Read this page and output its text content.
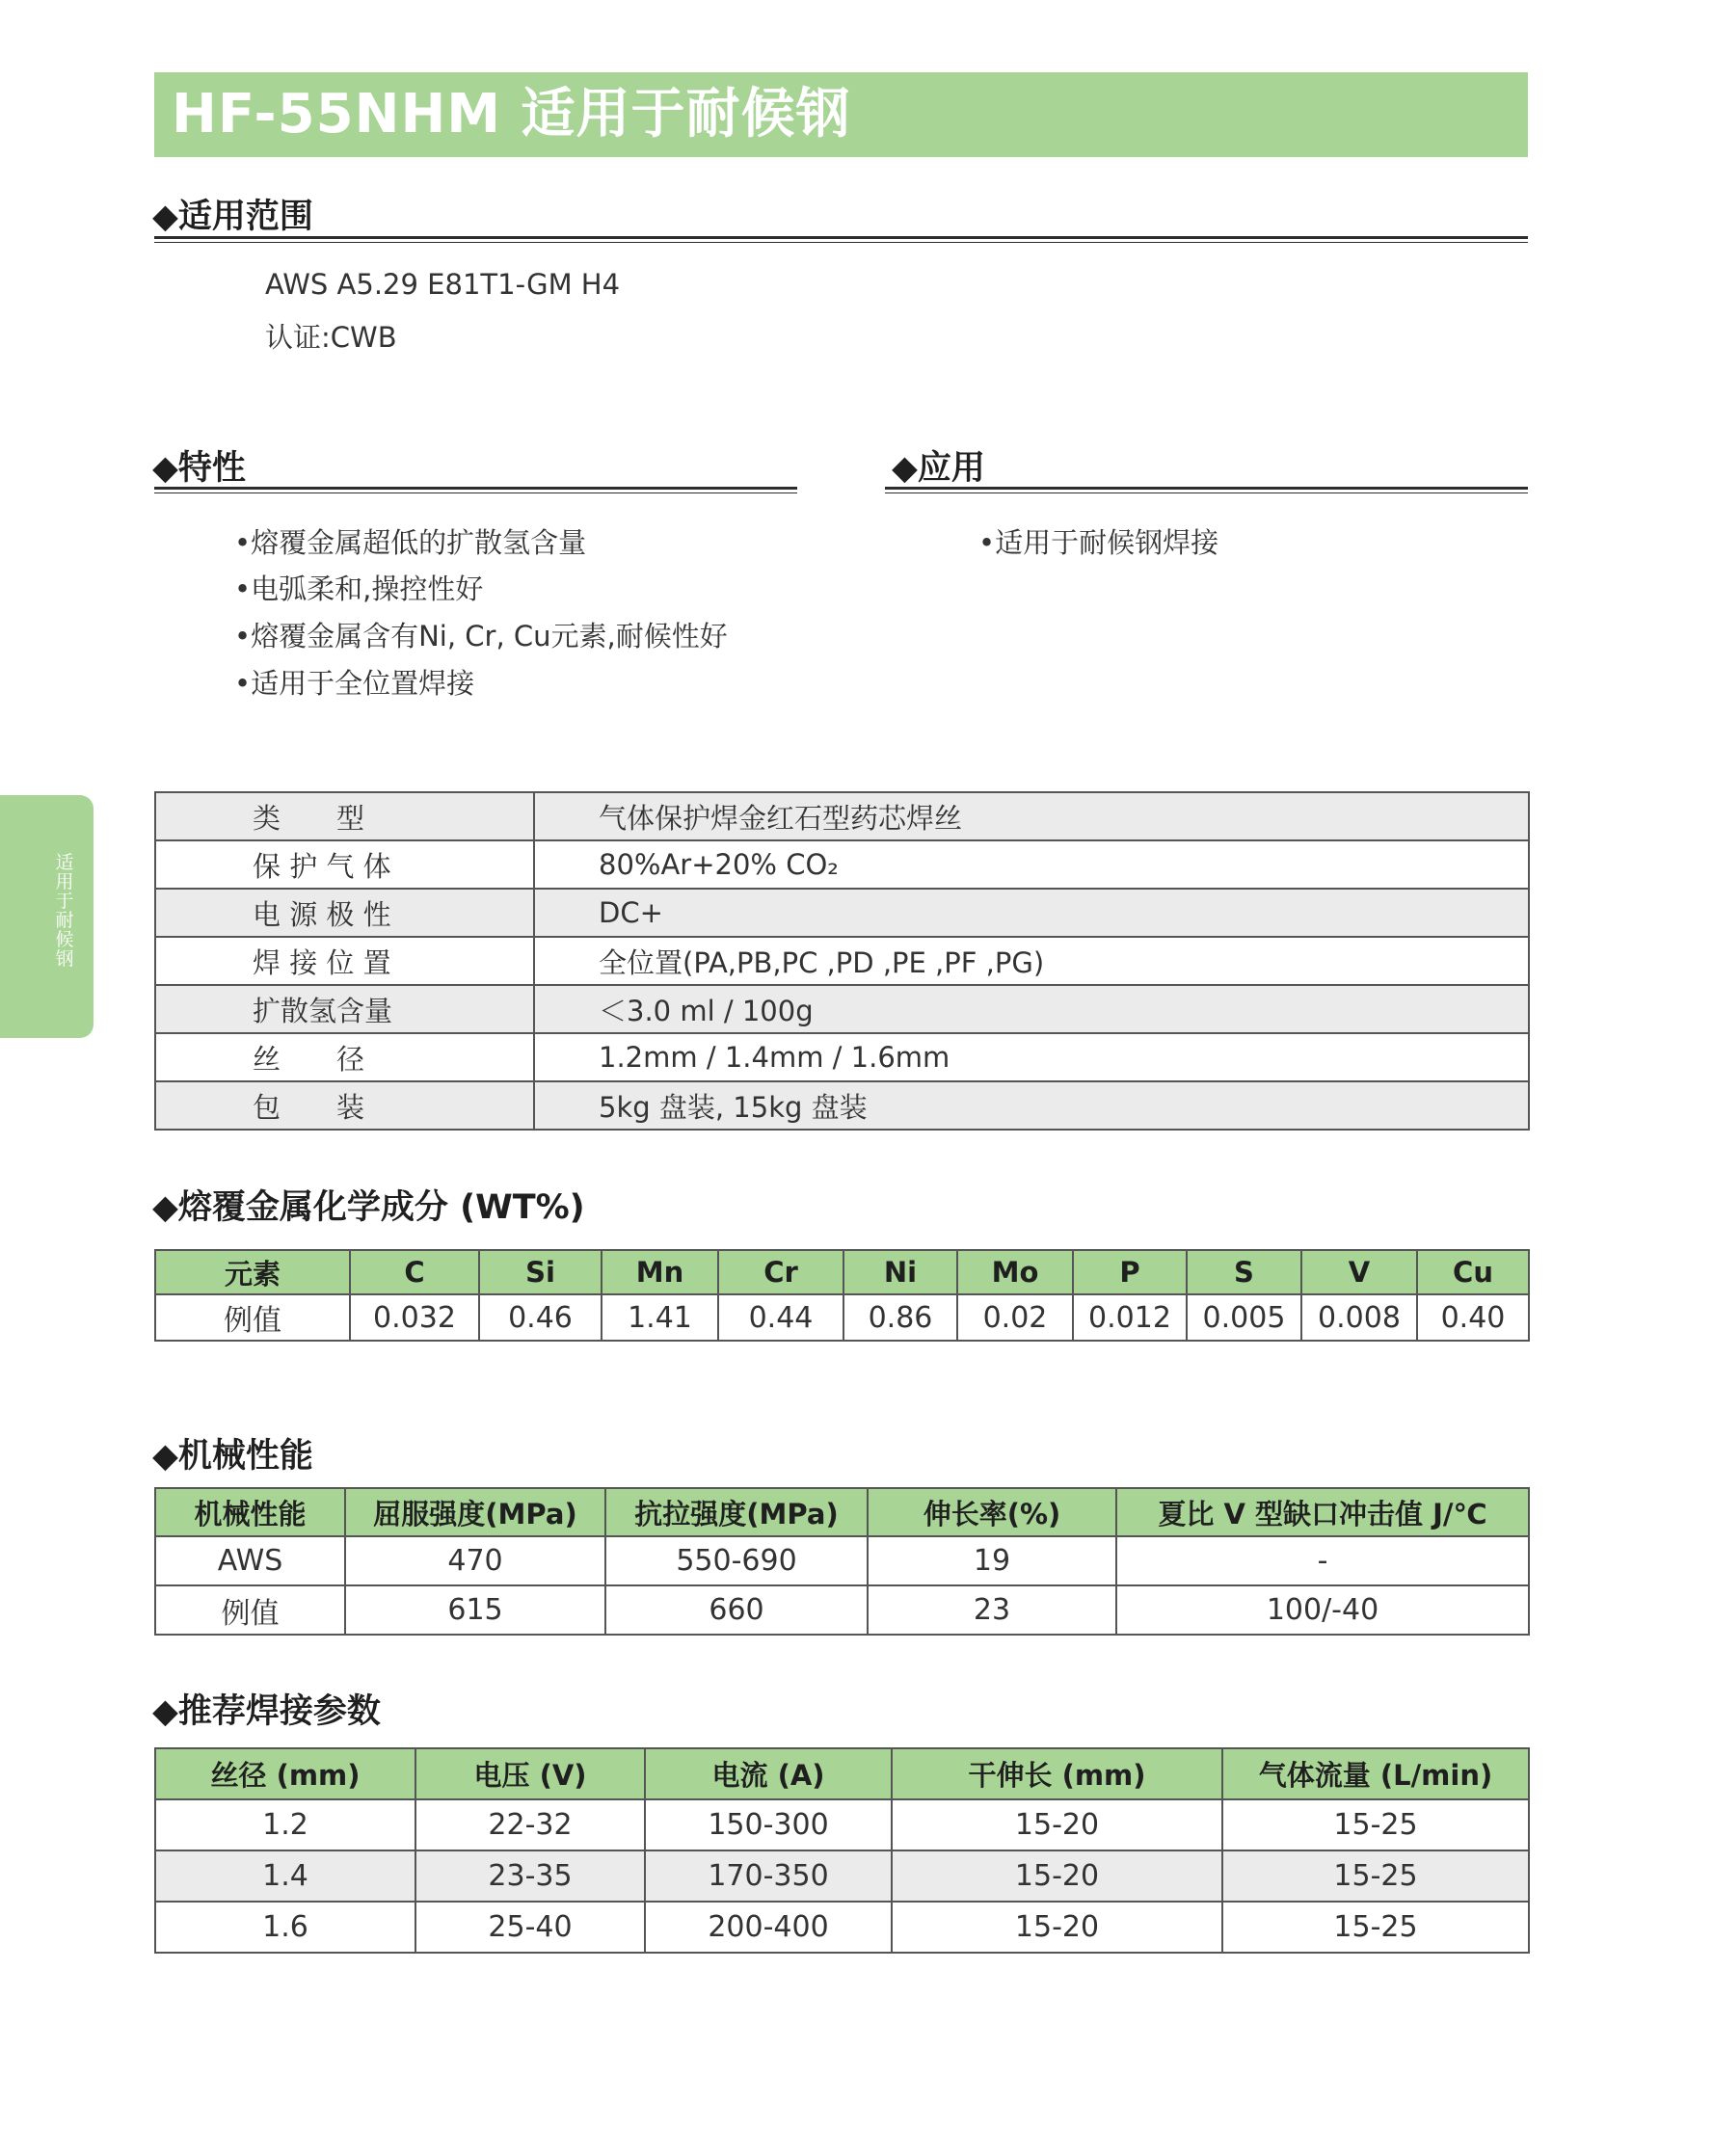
HF-55NHM 适用于耐候钢
◆适用范围
AWS A5.29 E81T1-GM H4
认证:CWB
◆特性
•熔覆金属超低的扩散氢含量
•电弧柔和,操控性好
•熔覆金属含有Ni, Cr, Cu元素,耐候性好
•适用于全位置焊接
◆应用
•适用于耐候钢焊接
适用于耐候钢
类　　型	气体保护焊金红石型药芯焊丝
保 护 气 体	80%Ar+20% CO₂
电 源 极 性	DC+
焊 接 位 置	全位置(PA,PB,PC ,PD ,PE ,PF ,PG)
扩散氢含量	＜3.0 ml / 100g
丝　　径	1.2mm / 1.4mm / 1.6mm
包　　装	5kg 盘装, 15kg 盘装
◆熔覆金属化学成分 (WT%)
元素	C	Si	Mn	Cr	Ni	Mo	P	S	V	Cu
例值	0.032	0.46	1.41	0.44	0.86	0.02	0.012	0.005	0.008	0.40
◆机械性能
机械性能	屈服强度(MPa)	抗拉强度(MPa)	伸长率(%)	夏比 V 型缺口冲击值 J/℃
AWS	470	550-690	19	-
例值	615	660	23	100/-40
◆推荐焊接参数
丝径 (mm)	电压 (V)	电流 (A)	干伸长 (mm)	气体流量 (L/min)
1.2	22-32	150-300	15-20	15-25
1.4	23-35	170-350	15-20	15-25
1.6	25-40	200-400	15-20	15-25
